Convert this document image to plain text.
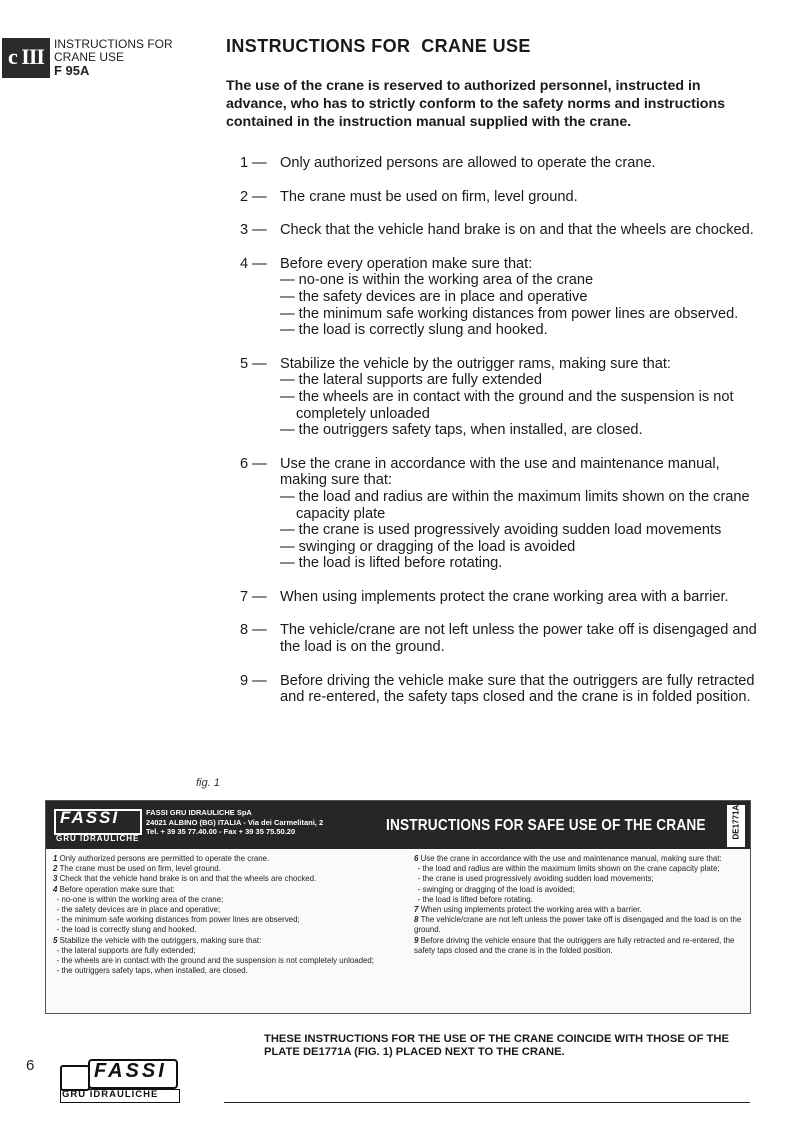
c III INSTRUCTIONS FOR
CRANE USE
F 95A
INSTRUCTIONS FOR  CRANE USE
The use of the crane is reserved to authorized personnel, instructed in advance, who has to strictly conform to the safety norms and instructions contained in the instruction manual supplied with the crane.
1 — Only authorized persons are allowed to operate the crane.
2 — The crane must be used on firm, level ground.
3 — Check that the vehicle hand brake is on and that the wheels are chocked.
4 — Before every operation make sure that:
— no-one is within the working area of the crane
— the safety devices are in place and operative
— the minimum safe working distances from power lines are observed.
— the load is correctly slung and hooked.
5 — Stabilize the vehicle by the outrigger rams, making sure that:
— the lateral supports are fully extended
— the wheels are in contact with the ground and the suspension is not completely unloaded
— the outriggers safety taps, when installed, are closed.
6 — Use the crane in accordance with the use and maintenance manual, making sure that:
— the load and radius are within the maximum limits shown on the crane capacity plate
— the crane is used progressively avoiding sudden load movements
— swinging or dragging of the load is avoided
— the load is lifted before rotating.
7 — When using implements protect the crane working area with a barrier.
8 — The vehicle/crane are not left unless the power take off is disengaged and the load is on the ground.
9 — Before driving the vehicle make sure that the outriggers are fully retracted and re-entered, the safety taps closed and the crane is in folded position.
fig. 1
FASSI
GRU IDRAULICHE
FASSI GRU IDRAULICHE SpA
24021 ALBINO (BG) ITALIA - Via dei Carmelitani, 2
Tel. + 39 35 77.40.00 - Fax + 39 35 75.50.20	INSTRUCTIONS FOR SAFE USE OF THE CRANE	DE1771A
1 Only authorized persons are permitted to operate the crane.
2 The crane must be used on firm, level ground.
3 Check that the vehicle hand brake is on and that the wheels are chocked.
4 Before operation make sure that:
- no-one is within the working area of the crane;
- the safety devices are in place and operative;
- the minimum safe working distances from power lines are observed;
- the load is correctly slung and hooked.
5 Stabilize the vehicle with the outriggers, making sure that:
- the lateral supports are fully extended;
- the wheels are in contact with the ground and the suspension is not completely unloaded;
- the outriggers safety taps, when installed, are closed.
6 Use the crane in accordance with the use and maintenance manual, making sure that:
- the load and radius are within the maximum limits shown on the crane capacity plate;
- the crane is used progressively avoiding sudden load movements;
- swinging or dragging of the load is avoided;
- the load is lifted before rotating.
7 When using implements protect the working area with a barrier.
8 The vehicle/crane are not left unless the power take off is disengaged and the load is on the ground.
9 Before driving the vehicle ensure that the outriggers are fully retracted and re-entered, the safety taps closed and the crane is in the folded position.
THESE INSTRUCTIONS FOR THE USE OF THE CRANE COINCIDE WITH THOSE OF THE PLATE DE1771A (FIG. 1) PLACED NEXT TO THE CRANE.
6	FASSI
GRU IDRAULICHE
